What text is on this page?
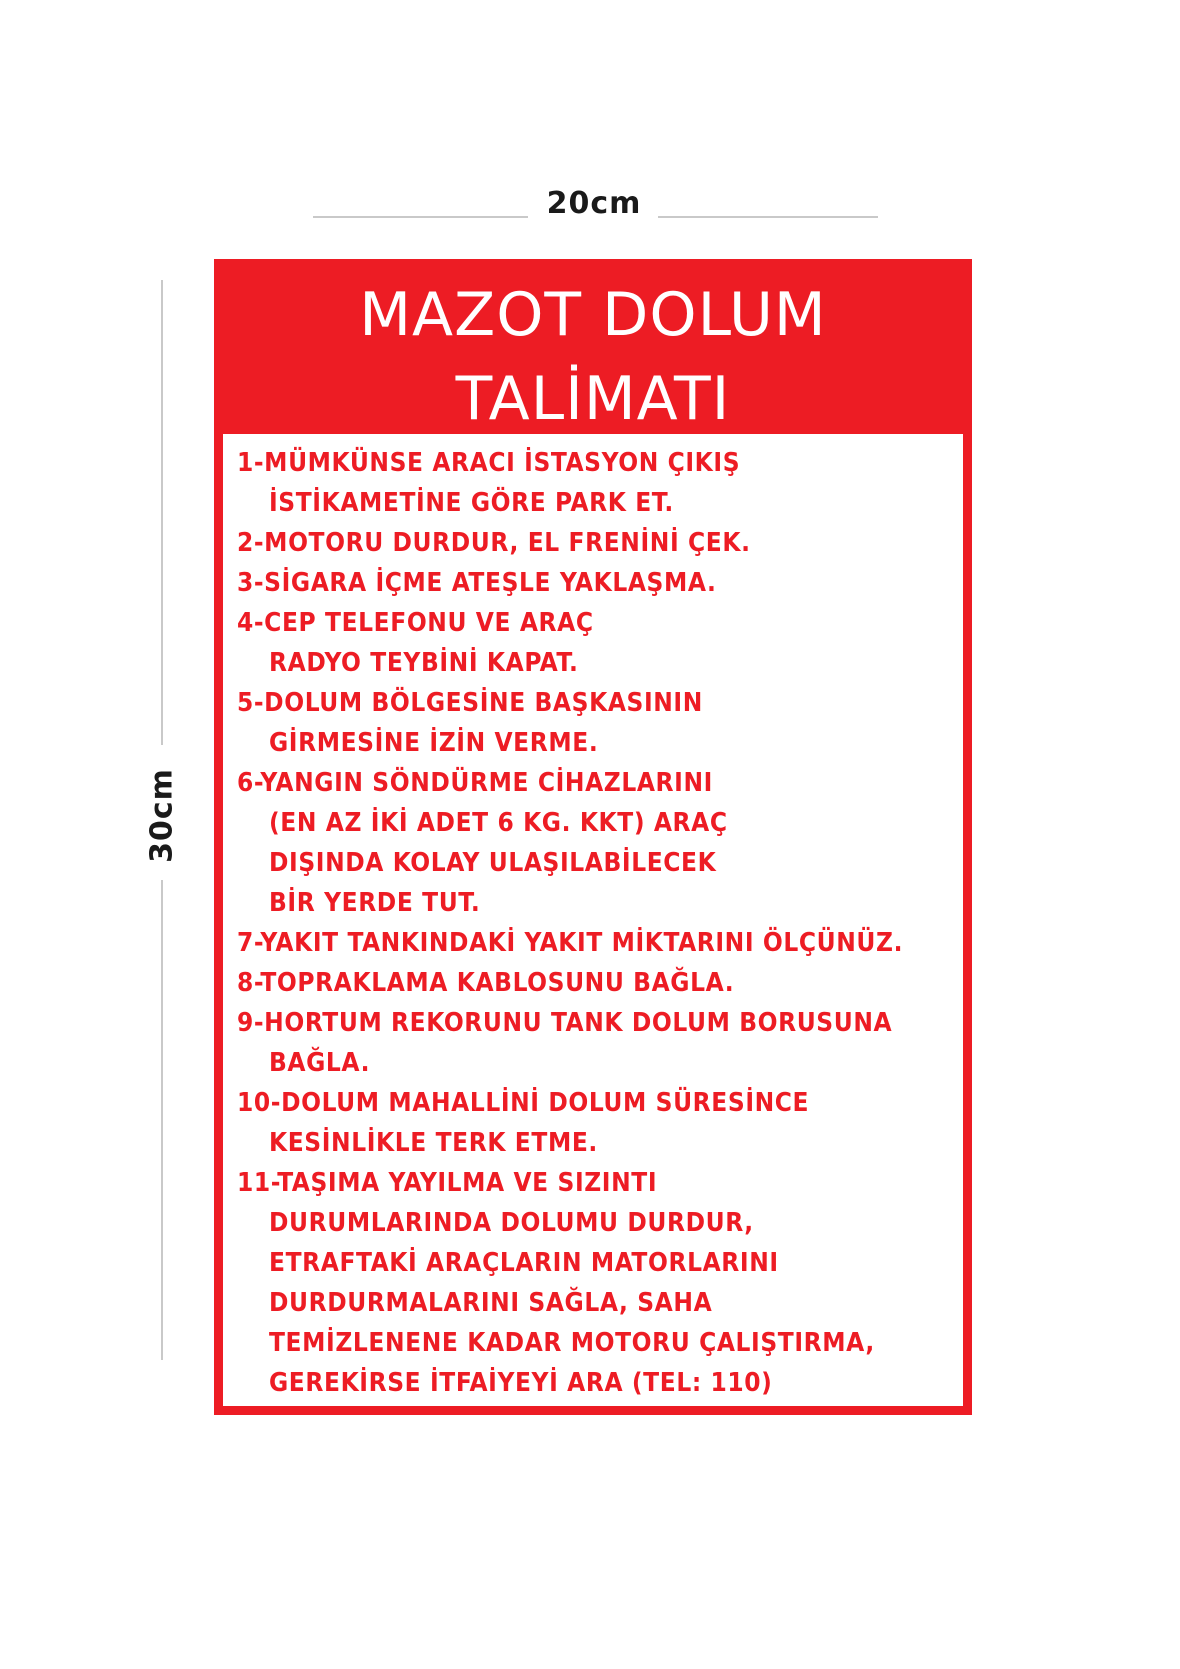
20cm
30cm
MAZOT DOLUM
TALİMATI
1-MÜMKÜNSE ARACI İSTASYON ÇIKIŞ
İSTİKAMETİNE GÖRE PARK ET.
2-MOTORU DURDUR, EL FRENİNİ ÇEK.
3-SİGARA İÇME ATEŞLE YAKLAŞMA.
4-CEP TELEFONU VE ARAÇ
RADYO TEYBİNİ KAPAT.
5-DOLUM BÖLGESİNE BAŞKASININ
GİRMESİNE İZİN VERME.
6-YANGIN SÖNDÜRME CİHAZLARINI
(EN AZ İKİ ADET 6 KG. KKT) ARAÇ
DIŞINDA KOLAY ULAŞILABİLECEK
BİR YERDE TUT.
7-YAKIT TANKINDAKİ YAKIT MİKTARINI ÖLÇÜNÜZ.
8-TOPRAKLAMA KABLOSUNU BAĞLA.
9-HORTUM REKORUNU TANK DOLUM BORUSUNA
BAĞLA.
10-DOLUM MAHALLİNİ DOLUM SÜRESİNCE
KESİNLİKLE TERK ETME.
11-TAŞIMA YAYILMA VE SIZINTI
DURUMLARINDA DOLUMU DURDUR,
ETRAFTAKİ ARAÇLARIN MATORLARINI
DURDURMALARINI SAĞLA, SAHA
TEMİZLENENE KADAR MOTORU ÇALIŞTIRMA,
GEREKİRSE İTFAİYEYİ ARA (TEL: 110)
